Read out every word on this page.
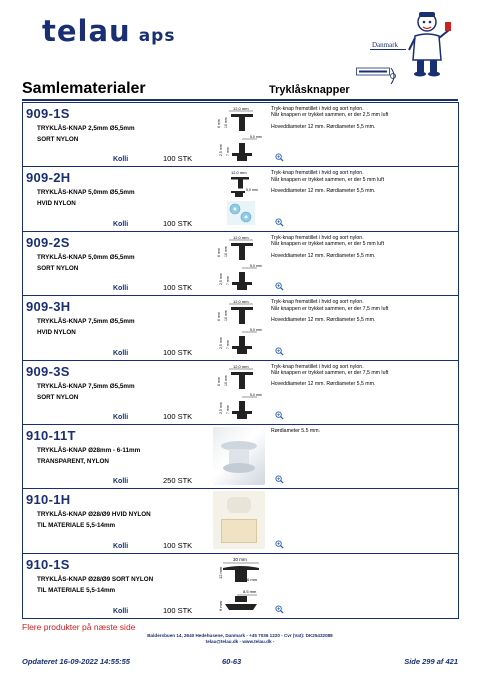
telau aps	Danmark
Samlematerialer	Tryklåsknapper
909-1S
TRYKLÅS-KNAP 2,5mm Ø5,5mm
SORT NYLON
Kolli	100 STK
12,0 mm
6 mm 10 mm
5,0 mm
2,5 mm 7 mm

Tryk-knap fremstillet i hvid og sort nylon.
Når knappen er trykket sammen, er der 2,5 mm luft

Hoveddiameter 12 mm. Rørdiameter 5,5 mm.

909-2H
TRYKLÅS-KNAP 5,0mm Ø5,5mm
HVID NYLON
Kolli	100 STK
12,0 mm
5,0 mm

Tryk-knap fremstillet i hvid og sort nylon.
Når knappen er trykket sammen, er der 5 mm luft

Hoveddiameter 12 mm. Rørdiameter 5,5 mm.

909-2S
TRYKLÅS-KNAP 5,0mm Ø5,5mm
SORT NYLON
Kolli	100 STK
12,0 mm
6 mm 10 mm
5,0 mm
2,5 mm 7 mm

Tryk-knap fremstillet i hvid og sort nylon.
Når knappen er trykket sammen, er der 5 mm luft

Hoveddiameter 12 mm. Rørdiameter 5,5 mm.

909-3H
TRYKLÅS-KNAP 7,5mm Ø5,5mm
HVID NYLON
Kolli	100 STK
12,0 mm
6 mm 10 mm
5,0 mm
2,5 mm 7 mm

Tryk-knap fremstillet i hvid og sort nylon.
Når knappen er trykket sammen, er der 7,5 mm luft

Hoveddiameter 12 mm. Rørdiameter 5,5 mm.

909-3S
TRYKLÅS-KNAP 7,5mm Ø5,5mm
SORT NYLON
Kolli	100 STK
12,0 mm
6 mm 10 mm
5,0 mm
2,5 mm 7 mm

Tryk-knap fremstillet i hvid og sort nylon.
Når knappen er trykket sammen, er der 7,5 mm luft

Hoveddiameter 12 mm. Rørdiameter 5,5 mm.

910-11T
TRYKLÅS-KNAP Ø28mm - 6-11mm
TRANSPARENT, NYLON
Kolli	250 STK

Rørdiameter 5.5 mm.

910-1H
TRYKLÅS-KNAP Ø28/Ø9 HVID NYLON
TIL MATERIALE 5,5-14mm
Kolli	100 STK

910-1S
TRYKLÅS-KNAP Ø28/Ø9 SORT NYLON
TIL MATERIALE 5,5-14mm
Kolli	100 STK
30 mm
12 mm
6 mm
8,5 mm
6 mm

Flere produkter på næste side
Baldersbuen 14, 2640 Hedehusene, Danmark - +45 7036 1220 - Cvr (Vat): DK25432088
telau@telau.dk - www.telau.dk -
Opdateret 16-09-2022 14:55:55	60-63	Side 299 af 421
